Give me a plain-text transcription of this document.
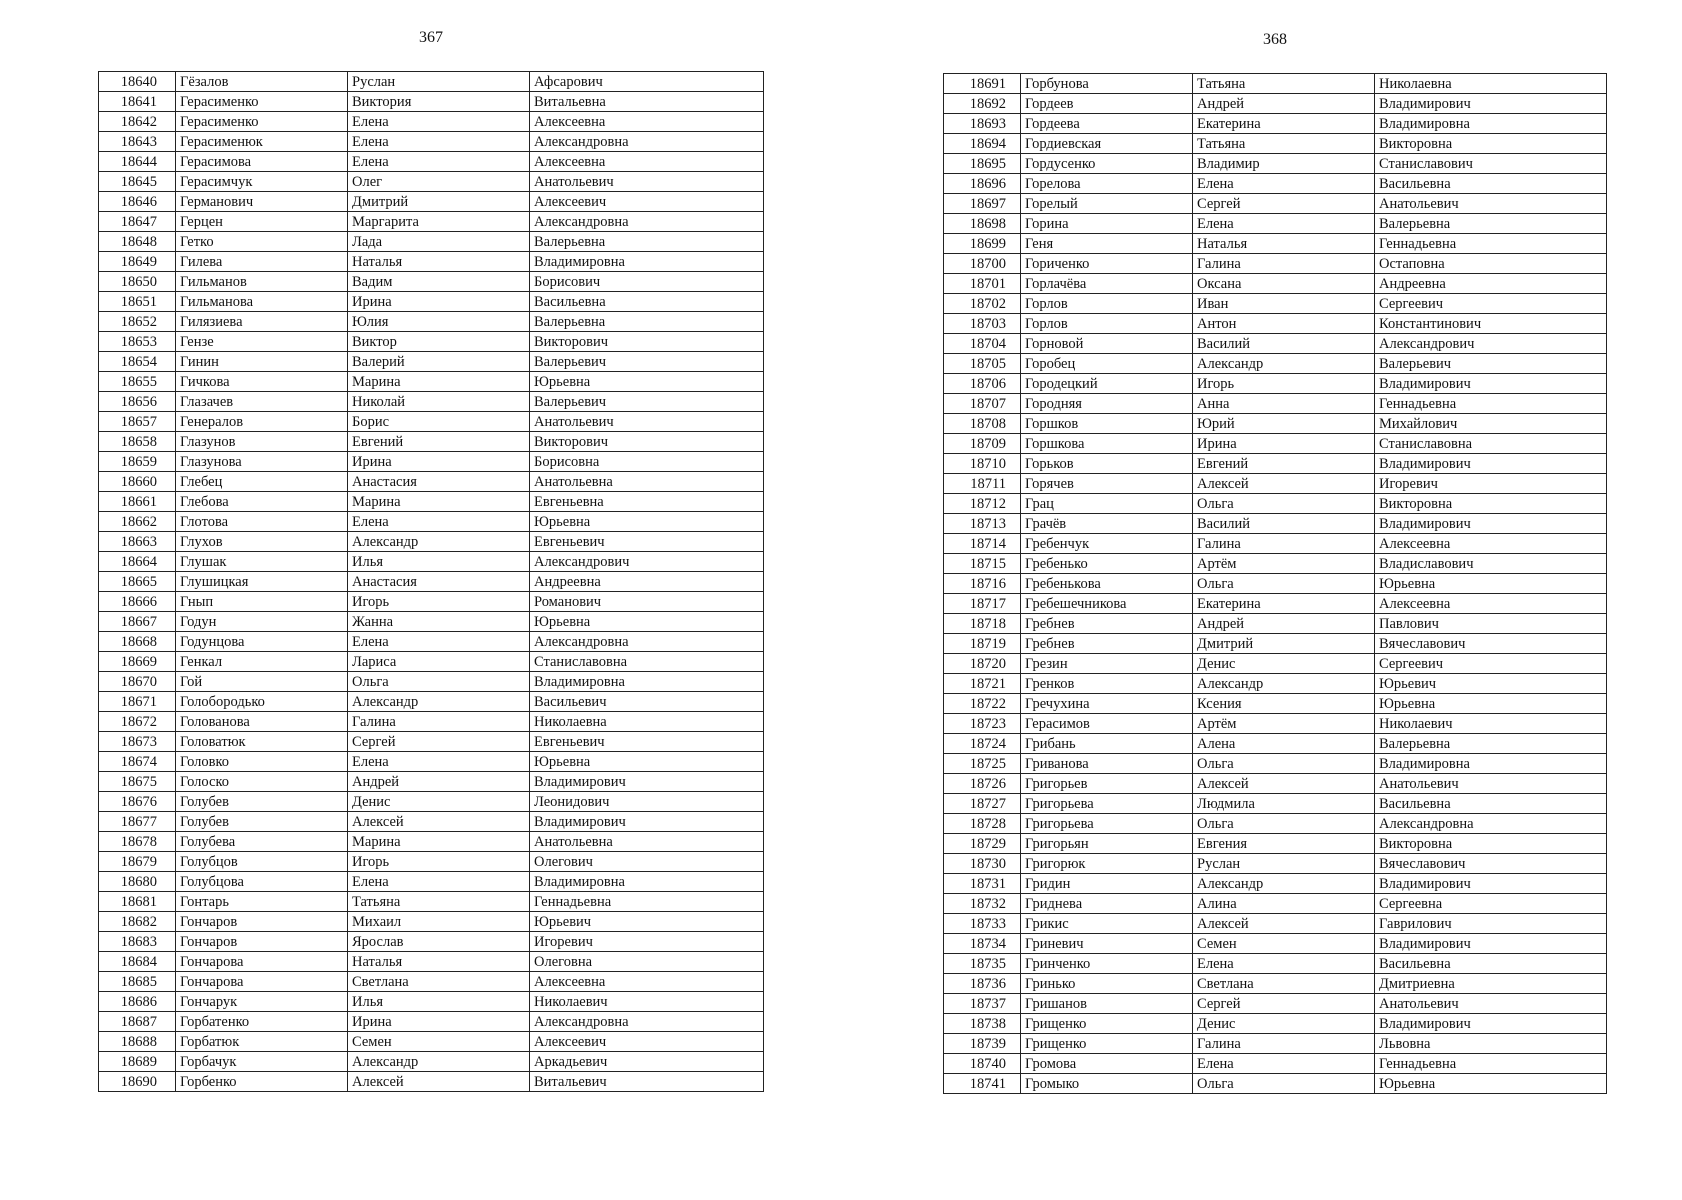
367
18640	Гёзалов	Руслан	Афсарович
18641	Герасименко	Виктория	Витальевна
18642	Герасименко	Елена	Алексеевна
18643	Герасименюк	Елена	Александровна
18644	Герасимова	Елена	Алексеевна
18645	Герасимчук	Олег	Анатольевич
18646	Германович	Дмитрий	Алексеевич
18647	Герцен	Маргарита	Александровна
18648	Гетко	Лада	Валерьевна
18649	Гилева	Наталья	Владимировна
18650	Гильманов	Вадим	Борисович
18651	Гильманова	Ирина	Васильевна
18652	Гилязиева	Юлия	Валерьевна
18653	Гензе	Виктор	Викторович
18654	Гинин	Валерий	Валерьевич
18655	Гичкова	Марина	Юрьевна
18656	Глазачев	Николай	Валерьевич
18657	Генералов	Борис	Анатольевич
18658	Глазунов	Евгений	Викторович
18659	Глазунова	Ирина	Борисовна
18660	Глебец	Анастасия	Анатольевна
18661	Глебова	Марина	Евгеньевна
18662	Глотова	Елена	Юрьевна
18663	Глухов	Александр	Евгеньевич
18664	Глушак	Илья	Александрович
18665	Глушицкая	Анастасия	Андреевна
18666	Гнып	Игорь	Романович
18667	Годун	Жанна	Юрьевна
18668	Годунцова	Елена	Александровна
18669	Генкал	Лариса	Станиславовна
18670	Гой	Ольга	Владимировна
18671	Голобородько	Александр	Васильевич
18672	Голованова	Галина	Николаевна
18673	Головатюк	Сергей	Евгеньевич
18674	Головко	Елена	Юрьевна
18675	Голоско	Андрей	Владимирович
18676	Голубев	Денис	Леонидович
18677	Голубев	Алексей	Владимирович
18678	Голубева	Марина	Анатольевна
18679	Голубцов	Игорь	Олегович
18680	Голубцова	Елена	Владимировна
18681	Гонтарь	Татьяна	Геннадьевна
18682	Гончаров	Михаил	Юрьевич
18683	Гончаров	Ярослав	Игоревич
18684	Гончарова	Наталья	Олеговна
18685	Гончарова	Светлана	Алексеевна
18686	Гончарук	Илья	Николаевич
18687	Горбатенко	Ирина	Александровна
18688	Горбатюк	Семен	Алексеевич
18689	Горбачук	Александр	Аркадьевич
18690	Горбенко	Алексей	Витальевич
368
18691	Горбунова	Татьяна	Николаевна
18692	Гордеев	Андрей	Владимирович
18693	Гордеева	Екатерина	Владимировна
18694	Гордиевская	Татьяна	Викторовна
18695	Гордусенко	Владимир	Станиславович
18696	Горелова	Елена	Васильевна
18697	Горелый	Сергей	Анатольевич
18698	Горина	Елена	Валерьевна
18699	Геня	Наталья	Геннадьевна
18700	Гориченко	Галина	Остаповна
18701	Горлачёва	Оксана	Андреевна
18702	Горлов	Иван	Сергеевич
18703	Горлов	Антон	Константинович
18704	Горновой	Василий	Александрович
18705	Горобец	Александр	Валерьевич
18706	Городецкий	Игорь	Владимирович
18707	Городняя	Анна	Геннадьевна
18708	Горшков	Юрий	Михайлович
18709	Горшкова	Ирина	Станиславовна
18710	Горьков	Евгений	Владимирович
18711	Горячев	Алексей	Игоревич
18712	Грац	Ольга	Викторовна
18713	Грачёв	Василий	Владимирович
18714	Гребенчук	Галина	Алексеевна
18715	Гребенько	Артём	Владиславович
18716	Гребенькова	Ольга	Юрьевна
18717	Гребешечникова	Екатерина	Алексеевна
18718	Гребнев	Андрей	Павлович
18719	Гребнев	Дмитрий	Вячеславович
18720	Грезин	Денис	Сергеевич
18721	Гренков	Александр	Юрьевич
18722	Гречухина	Ксения	Юрьевна
18723	Герасимов	Артём	Николаевич
18724	Грибань	Алена	Валерьевна
18725	Гриванова	Ольга	Владимировна
18726	Григорьев	Алексей	Анатольевич
18727	Григорьева	Людмила	Васильевна
18728	Григорьева	Ольга	Александровна
18729	Григорьян	Евгения	Викторовна
18730	Григорюк	Руслан	Вячеславович
18731	Гридин	Александр	Владимирович
18732	Гриднева	Алина	Сергеевна
18733	Грикис	Алексей	Гаврилович
18734	Гриневич	Семен	Владимирович
18735	Гринченко	Елена	Васильевна
18736	Гринько	Светлана	Дмитриевна
18737	Гришанов	Сергей	Анатольевич
18738	Грищенко	Денис	Владимирович
18739	Грищенко	Галина	Львовна
18740	Громова	Елена	Геннадьевна
18741	Громыко	Ольга	Юрьевна
